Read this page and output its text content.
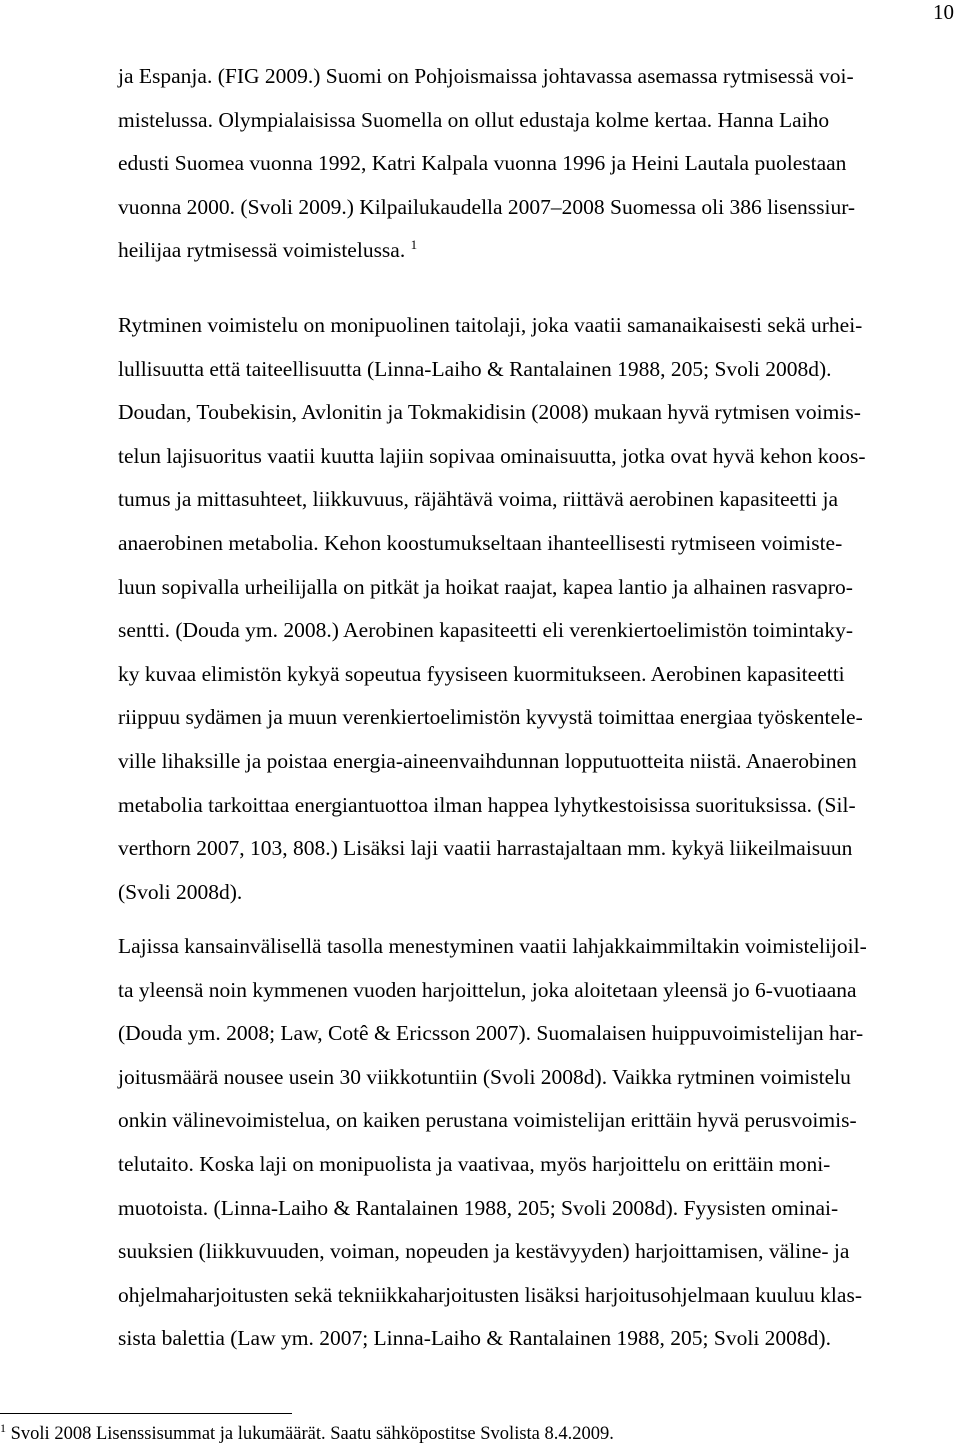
10

ja Espanja. (FIG 2009.) Suomi on Pohjoismaissa johtavassa asemassa rytmisessä voi-
mistelussa. Olympialaisissa Suomella on ollut edustaja kolme kertaa. Hanna Laiho
edusti Suomea vuonna 1992, Katri Kalpala vuonna 1996 ja Heini Lautala puolestaan
vuonna 2000. (Svoli 2009.) Kilpailukaudella 2007–2008 Suomessa oli 386 lisenssiur-
heilijaa rytmisessä voimistelussa. $^1$

Rytminen voimistelu on monipuolinen taitolaji, joka vaatii samanaikaisesti sekä urhei-
lullisuutta että taiteellisuutta (Linna-Laiho & Rantalainen 1988, 205; Svoli 2008d).
Doudan, Toubekisin, Avlonitin ja Tokmakidisin (2008) mukaan hyvä rytmisen voimis-
telun lajisuoritus vaatii kuutta lajiin sopivaa ominaisuutta, jotka ovat hyvä kehon koos-
tumus ja mittasuhteet, liikkuvuus, räjähtävä voima, riittävä aerobinen kapasiteetti ja
anaerobinen metabolia. Kehon koostumukseltaan ihanteellisesti rytmiseen voimiste-
luun sopivalla urheilijalla on pitkät ja hoikat raajat, kapea lantio ja alhainen rasvapro-
sentti. (Douda ym. 2008.) Aerobinen kapasiteetti eli verenkiertoelimistön toimintaky-
ky kuvaa elimistön kykyä sopeutua fyysiseen kuormitukseen. Aerobinen kapasiteetti
riippuu sydämen ja muun verenkiertoelimistön kyvystä toimittaa energiaa työskentele-
ville lihaksille ja poistaa energia-aineenvaihdunnan lopputuotteita niistä. Anaerobinen
metabolia tarkoittaa energiantuottoa ilman happea lyhytkestoisissa suorituksissa. (Sil-
verthorn 2007, 103, 808.) Lisäksi laji vaatii harrastajaltaan mm. kykyä liikeilmaisuun
(Svoli 2008d).

Lajissa kansainvälisellä tasolla menestyminen vaatii lahjakkaimmiltakin voimistelijoil-
ta yleensä noin kymmenen vuoden harjoittelun, joka aloitetaan yleensä jo 6-vuotiaana
(Douda ym. 2008; Law, Cotê & Ericsson 2007). Suomalaisen huippuvoimistelijan har-
joitusmäärä nousee usein 30 viikkotuntiin (Svoli 2008d). Vaikka rytminen voimistelu
onkin välinevoimistelua, on kaiken perustana voimistelijan erittäin hyvä perusvoimis-
telutaito. Koska laji on monipuolista ja vaativaa, myös harjoittelu on erittäin moni-
muotoista. (Linna-Laiho & Rantalainen 1988, 205; Svoli 2008d). Fyysisten ominai-
suuksien (liikkuvuuden, voiman, nopeuden ja kestävyyden) harjoittamisen, väline- ja
ohjelmaharjoitusten sekä tekniikkaharjoitusten lisäksi harjoitusohjelmaan kuuluu klas-
sista balettia (Law ym. 2007; Linna-Laiho & Rantalainen 1988, 205; Svoli 2008d).

$^1$ Svoli 2008 Lisenssisummat ja lukumäärät. Saatu sähköpostitse Svolista 8.4.2009.
